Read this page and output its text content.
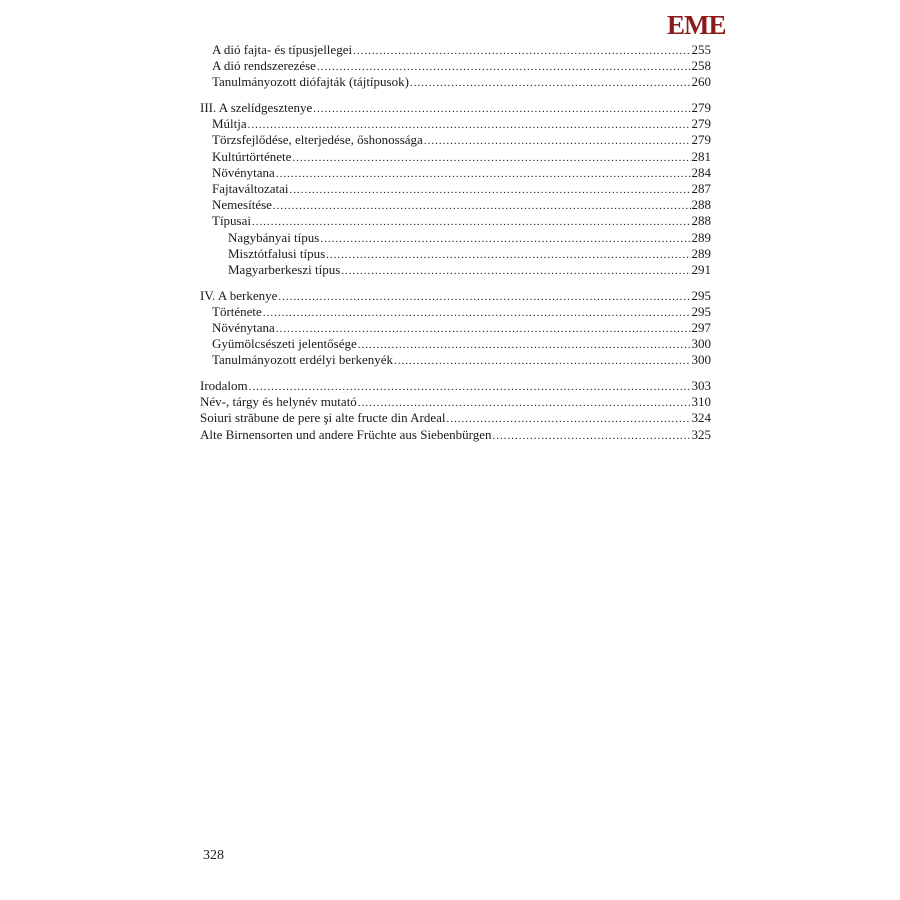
EME
A dió fajta- és típusjellegei .....	255
A dió rendszerezése .....	258
Tanulmányozott diófajták (tájtípusok) .....	260
III. A szelídgesztenye .....	279
Múltja .....	279
Törzsfejlődése, elterjedése, őshonossága .....	279
Kultúrtörténete .....	281
Növénytana .....	284
Fajtaváltozatai .....	287
Nemesítése .....	288
Típusai .....	288
Nagybányai típus .....	289
Misztótfalusi típus .....	289
Magyarberkeszi típus .....	291
IV. A berkenye .....	295
Története .....	295
Növénytana .....	297
Gyümölcsészeti jelentősége .....	300
Tanulmányozott erdélyi berkenyék .....	300
Irodalom .....	303
Név-, tárgy és helynév mutató .....	310
Soiuri străbune de pere şi alte fructe din Ardeal .....	324
Alte Birnensorten und andere Früchte aus Siebenbürgen .....	325
328
